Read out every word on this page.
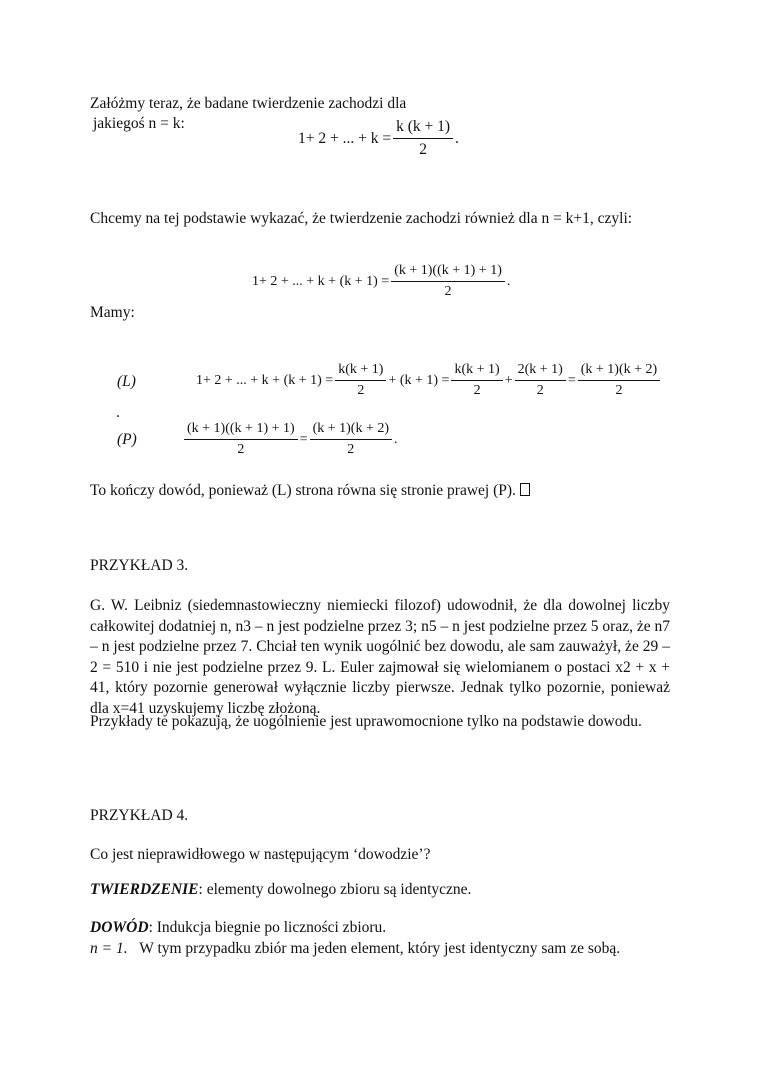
Załóżmy teraz, że badane twierdzenie zachodzi dla
jakiegoś n = k:
1+ 2 + ... + $k = \frac{k (k + 1)}{2}$ .
Chcemy na tej podstawie wykazać, że twierdzenie zachodzi również dla n = k+1, czyli:
1+ 2 + ... + $k + (k + 1) = \frac{(k + 1)((k + 1) + 1)}{2}$ .
Mamy:
(L)	1+ 2 + ... + $k + (k + 1) = \frac{k(k + 1)}{2} + (k + 1) = \frac{k(k + 1)}{2} + \frac{2(k + 1)}{2} = \frac{(k + 1)(k + 2)}{2}$
.
(P)	$\frac{(k + 1)((k + 1) + 1)}{2} = \frac{(k + 1)(k + 2)}{2}$ .
To kończy dowód, ponieważ (L) strona równa się stronie prawej (P).
PRZYKŁAD 3.
G. W. Leibniz (siedemnastowieczny niemiecki filozof) udowodnił, że dla dowolnej liczby całkowitej dodatniej n, n3 – n jest podzielne przez 3; n5 – n jest podzielne przez 5 oraz, że n7 – n jest podzielne przez 7. Chciał ten wynik uogólnić bez dowodu, ale sam zauważył, że 29 – 2 = 510 i nie jest podzielne przez 9. L. Euler zajmował się wielomianem o postaci x2 + x + 41, który pozornie generował wyłącznie liczby pierwsze. Jednak tylko pozornie, ponieważ dla x=41 uzyskujemy liczbę złożoną.
Przykłady te pokazują, że uogólnienie jest uprawomocnione tylko na podstawie dowodu.
PRZYKŁAD 4.
Co jest nieprawidłowego w następującym ‘dowodzie’?
TWIERDZENIE: elementy dowolnego zbioru są identyczne.
DOWÓD: Indukcja biegnie po liczności zbioru.
n = 1. W tym przypadku zbiór ma jeden element, który jest identyczny sam ze sobą.
